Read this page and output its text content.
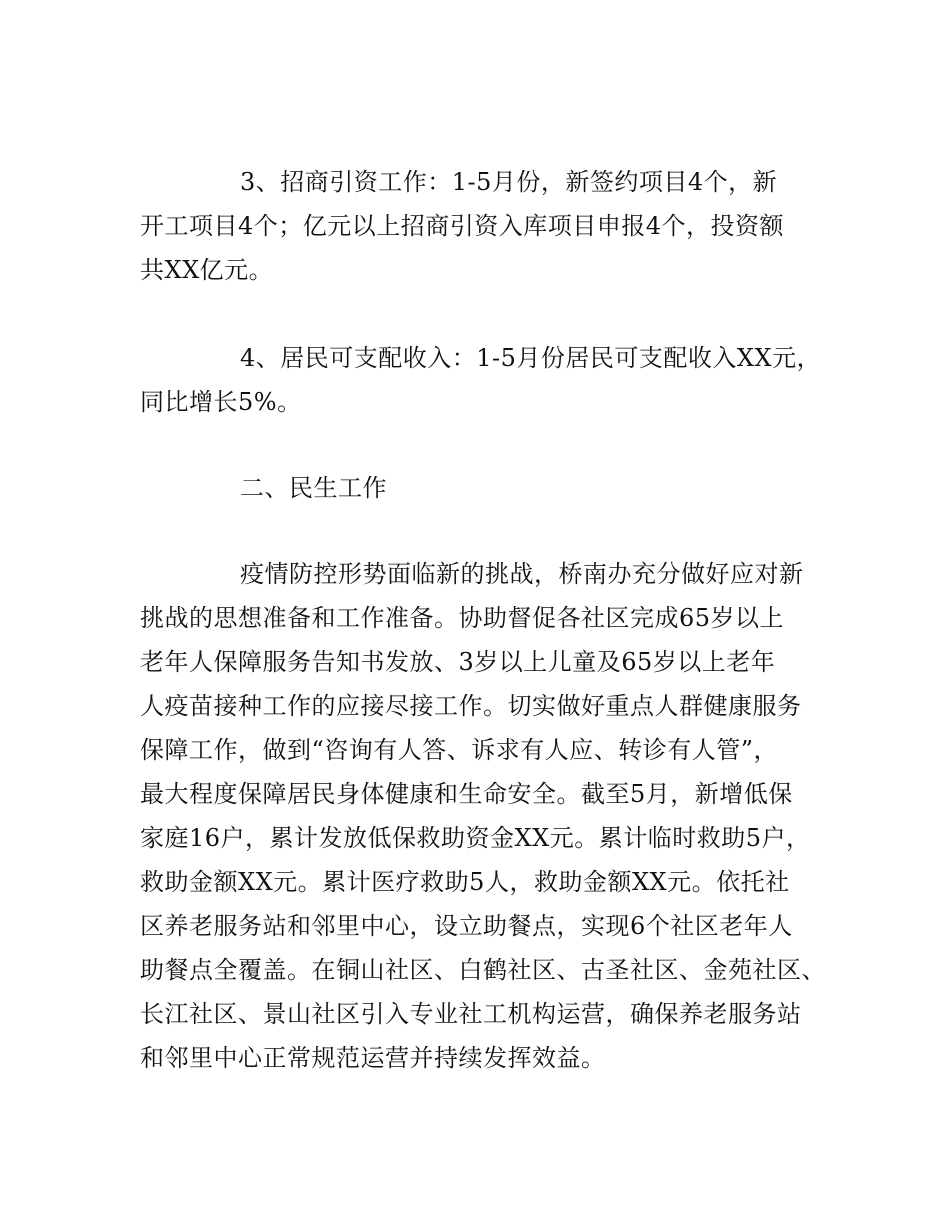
3、招商引资工作：1-5月份，新签约项目4个，新
开工项目4个；亿元以上招商引资入库项目申报4个，投资额
共XX亿元。
4、居民可支配收入：1-5月份居民可支配收入XX元，
同比增长5%。
二、民生工作
疫情防控形势面临新的挑战，桥南办充分做好应对新
挑战的思想准备和工作准备。协助督促各社区完成65岁以上
老年人保障服务告知书发放、3岁以上儿童及65岁以上老年
人疫苗接种工作的应接尽接工作。切实做好重点人群健康服务
保障工作，做到“咨询有人答、诉求有人应、转诊有人管”，
最大程度保障居民身体健康和生命安全。截至5月，新增低保
家庭16户，累计发放低保救助资金XX元。累计临时救助5户，
救助金额XX元。累计医疗救助5人，救助金额XX元。依托社
区养老服务站和邻里中心，设立助餐点，实现6个社区老年人
助餐点全覆盖。在铜山社区、白鹤社区、古圣社区、金苑社区、
长江社区、景山社区引入专业社工机构运营，确保养老服务站
和邻里中心正常规范运营并持续发挥效益。
